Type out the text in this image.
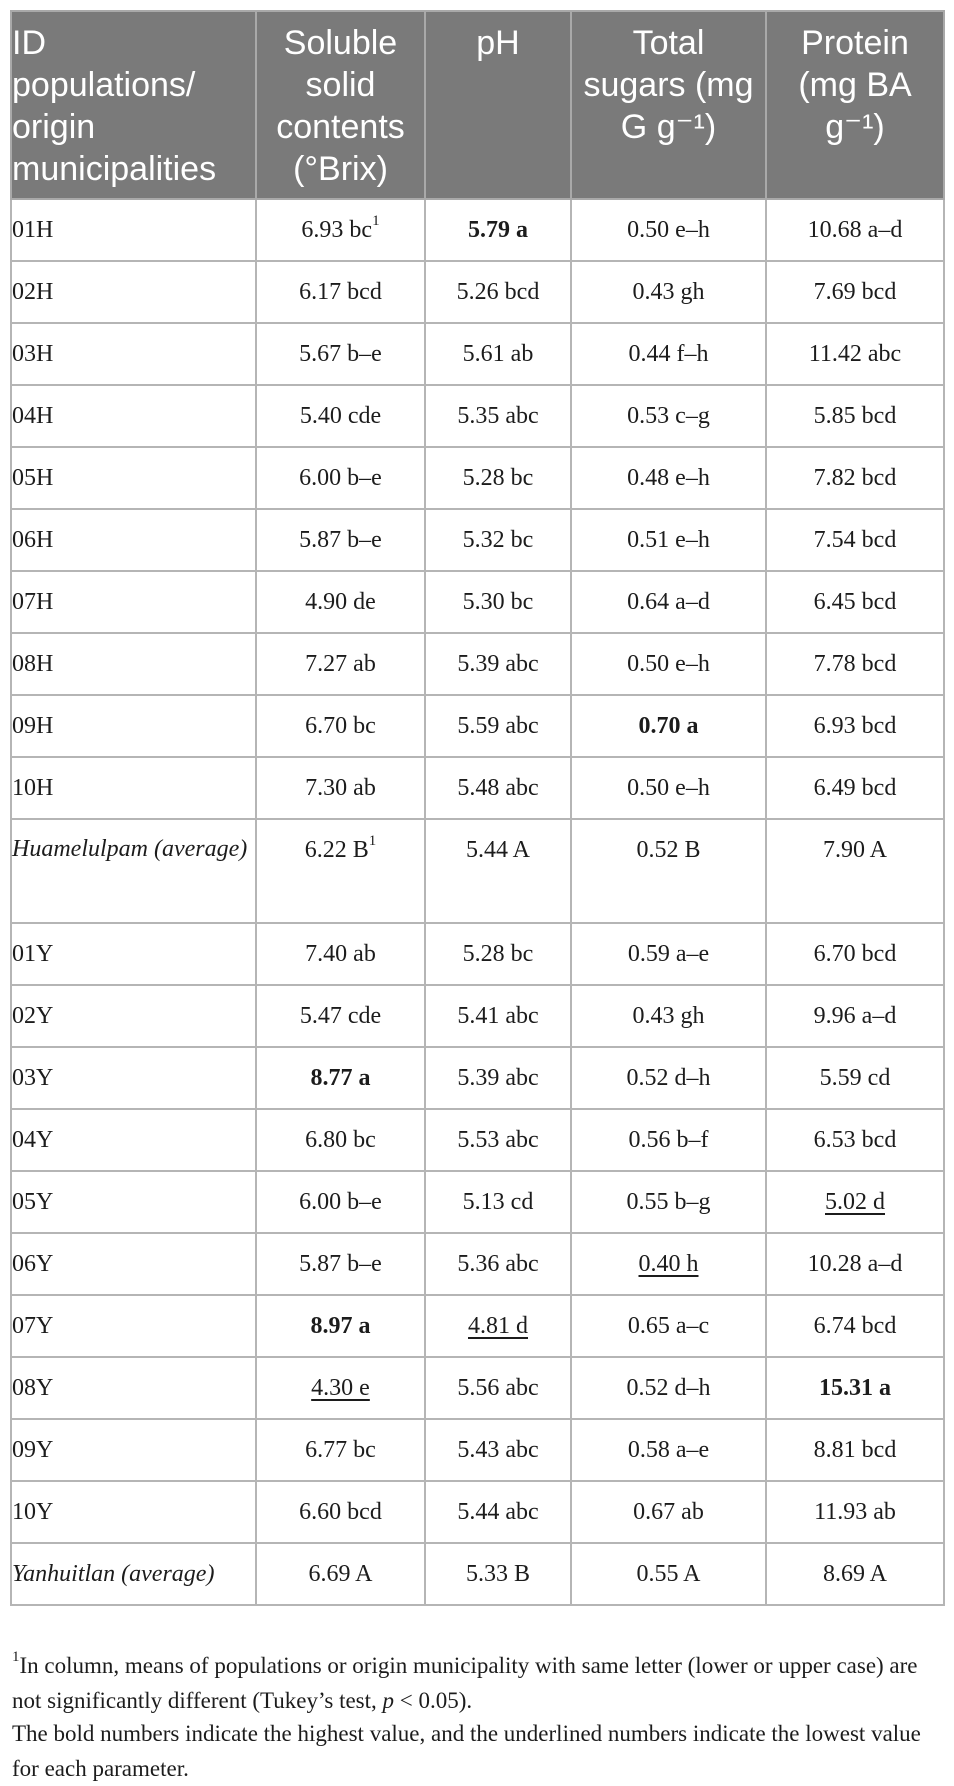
ID
populations/
origin
municipalities	Soluble
solid
contents
(°Brix)	pH	Total
sugars (mg
G g⁻¹)	Protein
(mg BA
g⁻¹)
01H	6.93 $bc^1$	5.79 a	0.50 e–h	10.68 a–d
02H	6.17 bcd	5.26 bcd	0.43 gh	7.69 bcd
03H	5.67 b–e	5.61 ab	0.44 f–h	11.42 abc
04H	5.40 cde	5.35 abc	0.53 c–g	5.85 bcd
05H	6.00 b–e	5.28 bc	0.48 e–h	7.82 bcd
06H	5.87 b–e	5.32 bc	0.51 e–h	7.54 bcd
07H	4.90 de	5.30 bc	0.64 a–d	6.45 bcd
08H	7.27 ab	5.39 abc	0.50 e–h	7.78 bcd
09H	6.70 bc	5.59 abc	0.70 a	6.93 bcd
10H	7.30 ab	5.48 abc	0.50 e–h	6.49 bcd
Huamelulpam (average)	6.22 $B^1$	5.44 A	0.52 B	7.90 A
01Y	7.40 ab	5.28 bc	0.59 a–e	6.70 bcd
02Y	5.47 cde	5.41 abc	0.43 gh	9.96 a–d
03Y	8.77 a	5.39 abc	0.52 d–h	5.59 cd
04Y	6.80 bc	5.53 abc	0.56 b–f	6.53 bcd
05Y	6.00 b–e	5.13 cd	0.55 b–g	5.02 d
06Y	5.87 b–e	5.36 abc	0.40 h	10.28 a–d
07Y	8.97 a	4.81 d	0.65 a–c	6.74 bcd
08Y	4.30 e	5.56 abc	0.52 d–h	15.31 a
09Y	6.77 bc	5.43 abc	0.58 a–e	8.81 bcd
10Y	6.60 bcd	5.44 abc	0.67 ab	11.93 ab
Yanhuitlan (average)	6.69 A	5.33 B	0.55 A	8.69 A
$^1$In column, means of populations or origin municipality with same letter (lower or upper case) are not significantly different (Tukey’s test, p < 0.05).
The bold numbers indicate the highest value, and the underlined numbers indicate the lowest value for each parameter.
